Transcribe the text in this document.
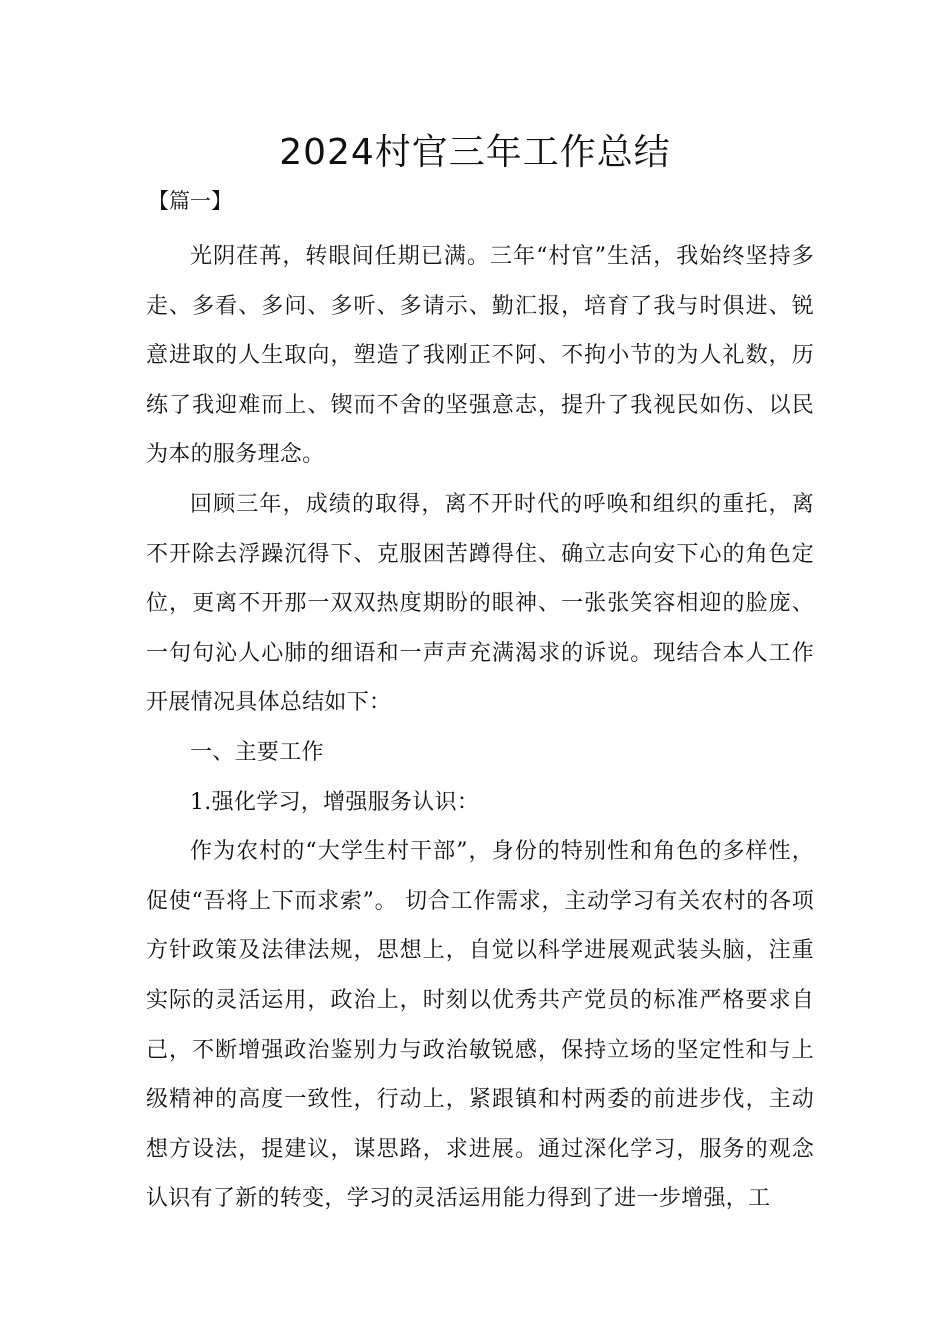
2024村官三年工作总结

【篇一】

光阴荏苒，转眼间任期已满。三年“村官”生活，我始终坚持多走、多看、多问、多听、多请示、勤汇报，培育了我与时俱进、锐意进取的人生取向，塑造了我刚正不阿、不拘小节的为人礼数，历练了我迎难而上、锲而不舍的坚强意志，提升了我视民如伤、以民为本的服务理念。

回顾三年，成绩的取得，离不开时代的呼唤和组织的重托，离不开除去浮躁沉得下、克服困苦蹲得住、确立志向安下心的角色定位，更离不开那一双双热度期盼的眼神、一张张笑容相迎的脸庞、一句句沁人心肺的细语和一声声充满渴求的诉说。现结合本人工作开展情况具体总结如下：

一、主要工作

1.强化学习，增强服务认识：

作为农村的“大学生村干部”，身份的特别性和角色的多样性，促使“吾将上下而求索”。 切合工作需求，主动学习有关农村的各项方针政策及法律法规，思想上，自觉以科学进展观武装头脑，注重实际的灵活运用，政治上，时刻以优秀共产党员的标准严格要求自己，不断增强政治鉴别力与政治敏锐感，保持立场的坚定性和与上级精神的高度一致性，行动上，紧跟镇和村两委的前进步伐，主动想方设法，提建议，谋思路，求进展。通过深化学习，服务的观念认识有了新的转变，学习的灵活运用能力得到了进一步增强，工
